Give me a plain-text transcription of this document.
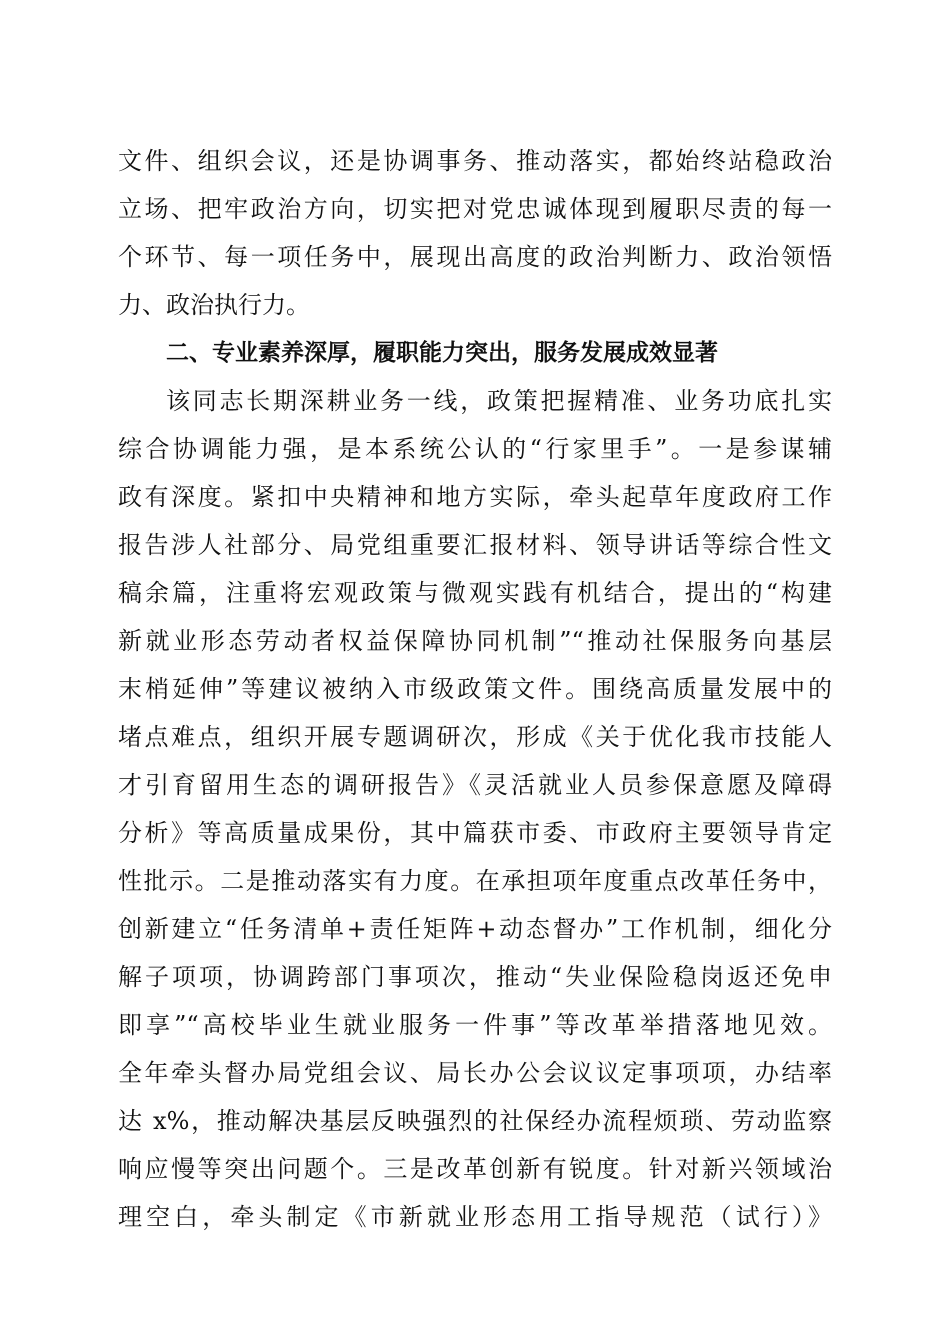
文件、组织会议，还是协调事务、推动落实，都始终站稳政治
立场、把牢政治方向，切实把对党忠诚体现到履职尽责的每一
个环节、每一项任务中，展现出高度的政治判断力、政治领悟
力、政治执行力。
二、专业素养深厚，履职能力突出，服务发展成效显著
该同志长期深耕业务一线，政策把握精准、业务功底扎实
综合协调能力强，是本系统公认的“行家里手”。一是参谋辅
政有深度。紧扣中央精神和地方实际，牵头起草年度政府工作
报告涉人社部分、局党组重要汇报材料、领导讲话等综合性文
稿余篇，注重将宏观政策与微观实践有机结合，提出的“构建
新就业形态劳动者权益保障协同机制”“推动社保服务向基层
末梢延伸”等建议被纳入市级政策文件。围绕高质量发展中的
堵点难点，组织开展专题调研次，形成《关于优化我市技能人
才引育留用生态的调研报告》《灵活就业人员参保意愿及障碍
分析》等高质量成果份，其中篇获市委、市政府主要领导肯定
性批示。二是推动落实有力度。在承担项年度重点改革任务中，
创新建立“任务清单+责任矩阵+动态督办”工作机制，细化分
解子项项，协调跨部门事项次，推动“失业保险稳岗返还免申
即享”“高校毕业生就业服务一件事”等改革举措落地见效。
全年牵头督办局党组会议、局长办公会议议定事项项，办结率
达 x%，推动解决基层反映强烈的社保经办流程烦琐、劳动监察
响应慢等突出问题个。三是改革创新有锐度。针对新兴领域治
理空白，牵头制定《市新就业形态用工指导规范（试行）》
